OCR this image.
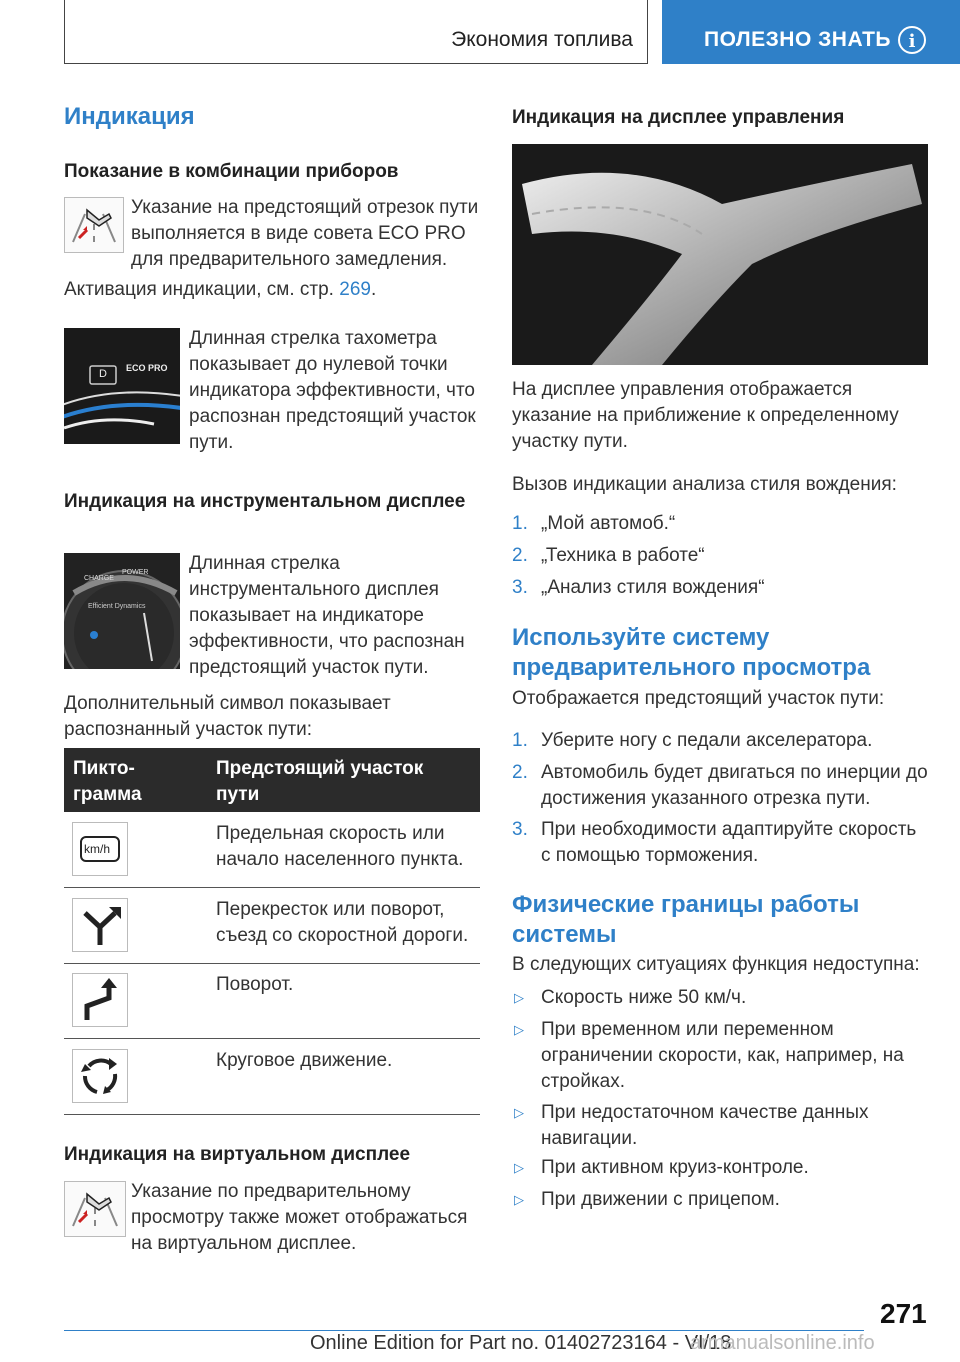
Экономия топлива	ПОЛЕЗНО ЗНАТЬ i
Индикация
Показание в комбинации приборов
Указание на предстоящий отрезок пути выполняется в виде совета ECO PRO для предварительного замедления.
Активация индикации, см. стр. 269.
D ECO PRO
Длинная стрелка тахометра показывает до нулевой точки индикатора эффективности, что распознан предстоящий участок пути.
Индикация на инструментальном дисплее
CHARGE
POWER
Efficient Dynamics
Длинная стрелка инструментального дисплея показывает на индикаторе эффективности, что распознан предстоящий участок пути.
Дополнительный символ показывает распознанный участок пути:
Пикто-грамма
Предстоящий участок пути
km/h
Предельная скорость или начало населенного пункта.
Перекресток или поворот, съезд со скоростной дороги.
Поворот.
Круговое движение.
Индикация на виртуальном дисплее
Указание по предварительному просмотру также может отображаться на виртуальном дисплее.
Индикация на дисплее управления
На дисплее управления отображается указание на приближение к определенному участку пути.
Вызов индикации анализа стиля вождения:
1. „Мой автомоб.“
2. „Техника в работе“
3. „Анализ стиля вождения“
Используйте систему предварительного просмотра
Отображается предстоящий участок пути:
1. Уберите ногу с педали акселератора.
2. Автомобиль будет двигаться по инерции до достижения указанного отрезка пути.
3. При необходимости адаптируйте скорость с помощью торможения.
Физические границы работы системы
В следующих ситуациях функция недоступна:
▷ Скорость ниже 50 км/ч.
▷ При временном или переменном ограничении скорости, как, например, на стройках.
▷ При недостаточном качестве данных навигации.
▷ При активном круиз-контроле.
▷ При движении с прицепом.
271
Online Edition for Part no. 01402723164 - VI/18
armanualsonline.info
